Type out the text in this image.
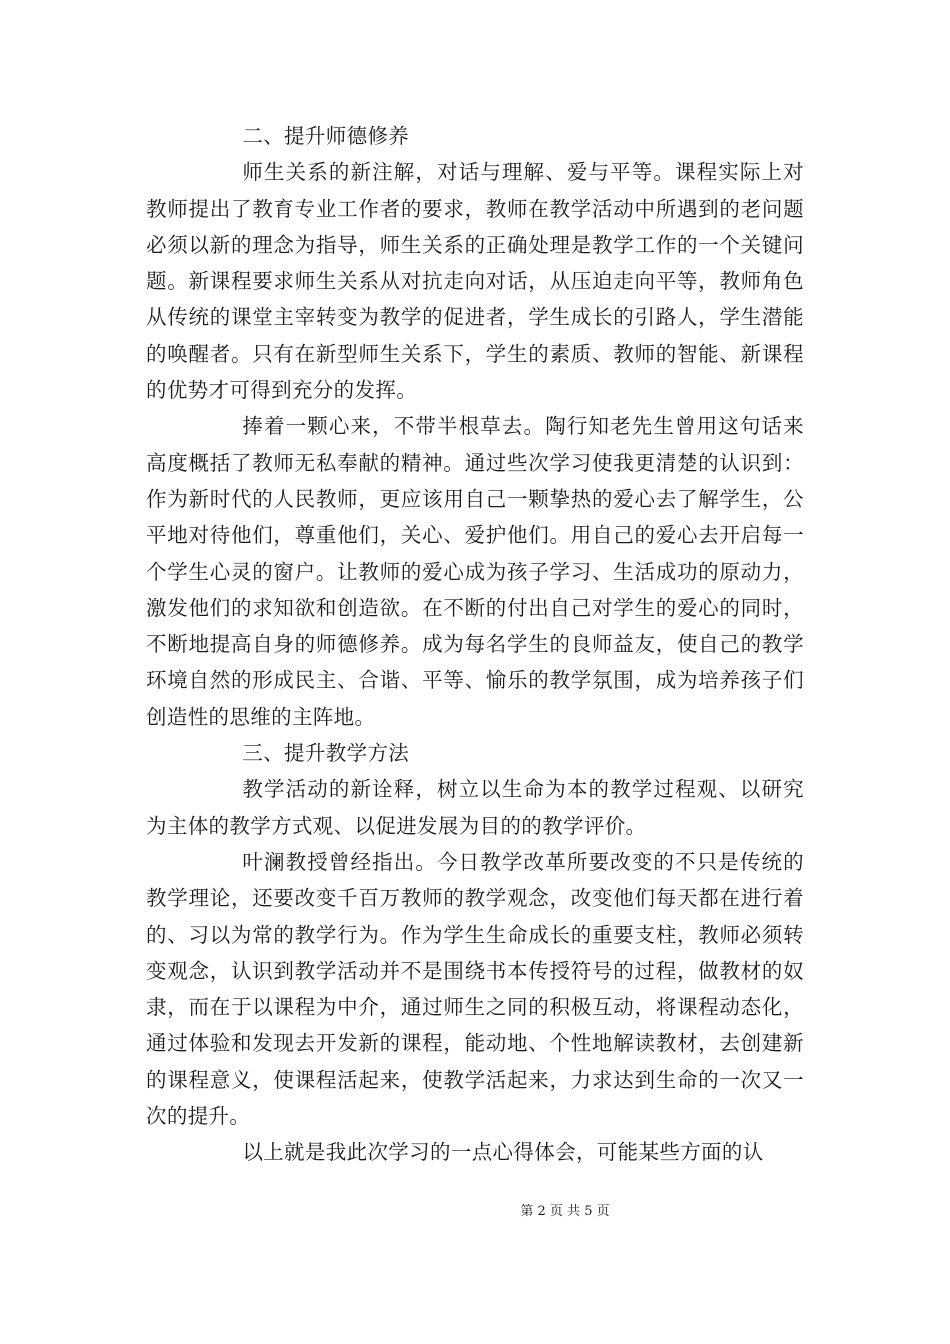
二、提升师德修养

师生关系的新注解，对话与理解、爱与平等。课程实际上对教师提出了教育专业工作者的要求，教师在教学活动中所遇到的老问题必须以新的理念为指导，师生关系的正确处理是教学工作的一个关键问题。新课程要求师生关系从对抗走向对话，从压迫走向平等，教师角色从传统的课堂主宰转变为教学的促进者，学生成长的引路人，学生潜能的唤醒者。只有在新型师生关系下，学生的素质、教师的智能、新课程的优势才可得到充分的发挥。

捧着一颗心来，不带半根草去。陶行知老先生曾用这句话来高度概括了教师无私奉献的精神。通过些次学习使我更清楚的认识到：作为新时代的人民教师，更应该用自己一颗挚热的爱心去了解学生，公平地对待他们，尊重他们，关心、爱护他们。用自己的爱心去开启每一个学生心灵的窗户。让教师的爱心成为孩子学习、生活成功的原动力，激发他们的求知欲和创造欲。在不断的付出自己对学生的爱心的同时，不断地提高自身的师德修养。成为每名学生的良师益友，使自己的教学环境自然的形成民主、合谐、平等、愉乐的教学氛围，成为培养孩子们创造性的思维的主阵地。

三、提升教学方法

教学活动的新诠释，树立以生命为本的教学过程观、以研究为主体的教学方式观、以促进发展为目的的教学评价。

叶澜教授曾经指出。今日教学改革所要改变的不只是传统的教学理论，还要改变千百万教师的教学观念，改变他们每天都在进行着的、习以为常的教学行为。作为学生生命成长的重要支柱，教师必须转变观念，认识到教学活动并不是围绕书本传授符号的过程，做教材的奴隶，而在于以课程为中介，通过师生之同的积极互动，将课程动态化，通过体验和发现去开发新的课程，能动地、个性地解读教材，去创建新的课程意义，使课程活起来，使教学活起来，力求达到生命的一次又一次的提升。

以上就是我此次学习的一点心得体会，可能某些方面的认

第 2 页 共 5 页
